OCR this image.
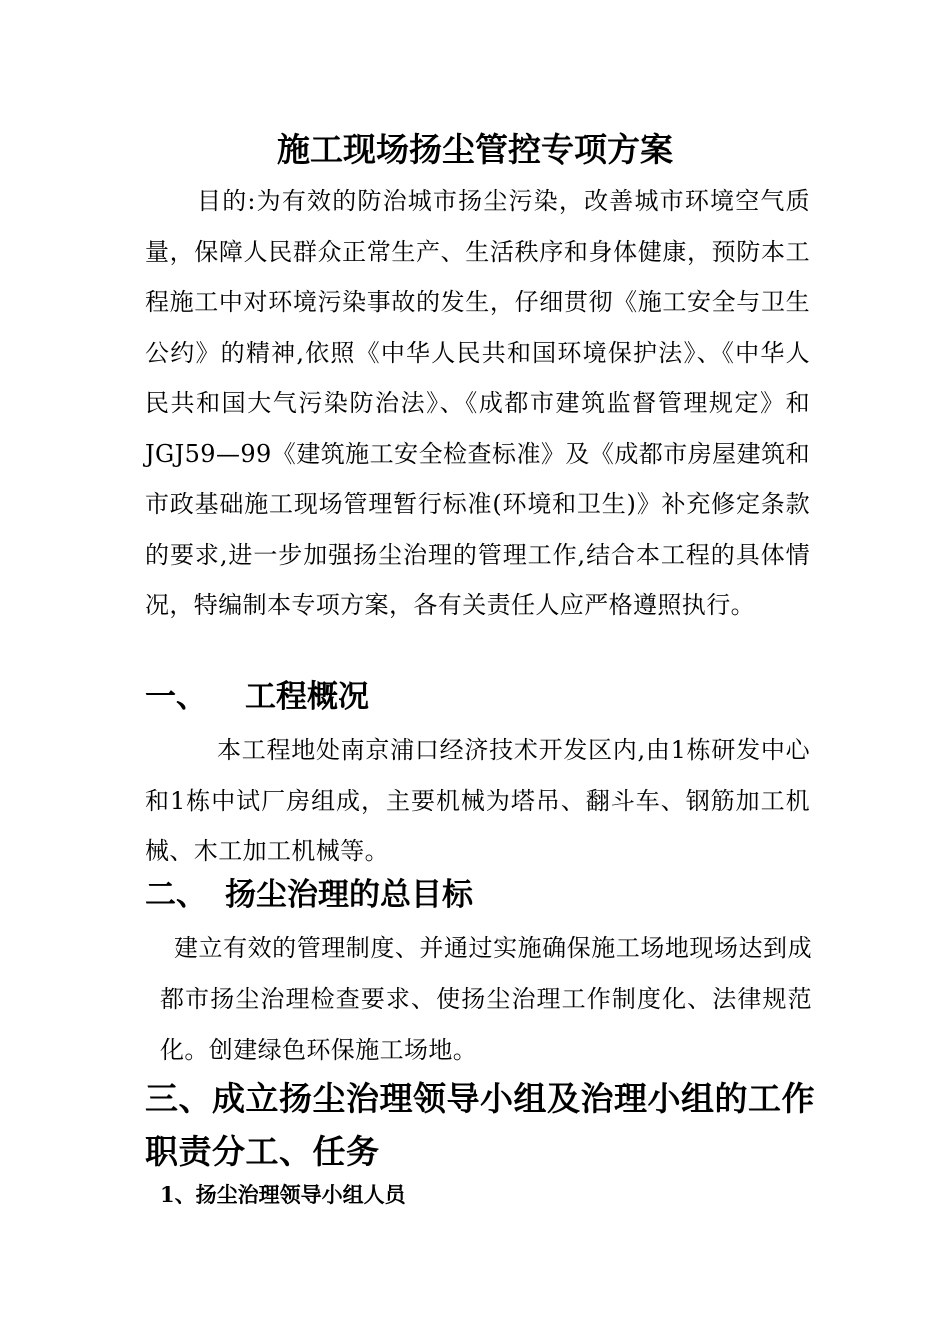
施工现场扬尘管控专项方案

目的:为有效的防治城市扬尘污染，改善城市环境空气质量，保障人民群众正常生产、生活秩序和身体健康，预防本工程施工中对环境污染事故的发生，仔细贯彻《施工安全与卫生公约》的精神,依照《中华人民共和国环境保护法》、《中华人民共和国大气污染防治法》、《成都市建筑监督管理规定》和 JGJ59—99《建筑施工安全检查标准》及《成都市房屋建筑和市政基础施工现场管理暂行标准(环境和卫生)》补充修定条款的要求,进一步加强扬尘治理的管理工作,结合本工程的具体情况，特编制本专项方案，各有关责任人应严格遵照执行。

一、 工程概况

本工程地处南京浦口经济技术开发区内,由1栋研发中心和1栋中试厂房组成，主要机械为塔吊、翻斗车、钢筋加工机械、木工加工机械等。

二、 扬尘治理的总目标

建立有效的管理制度、并通过实施确保施工场地现场达到成都市扬尘治理检查要求、使扬尘治理工作制度化、法律规范化。创建绿色环保施工场地。

三、成立扬尘治理领导小组及治理小组的工作职责分工、任务
1、扬尘治理领导小组人员
